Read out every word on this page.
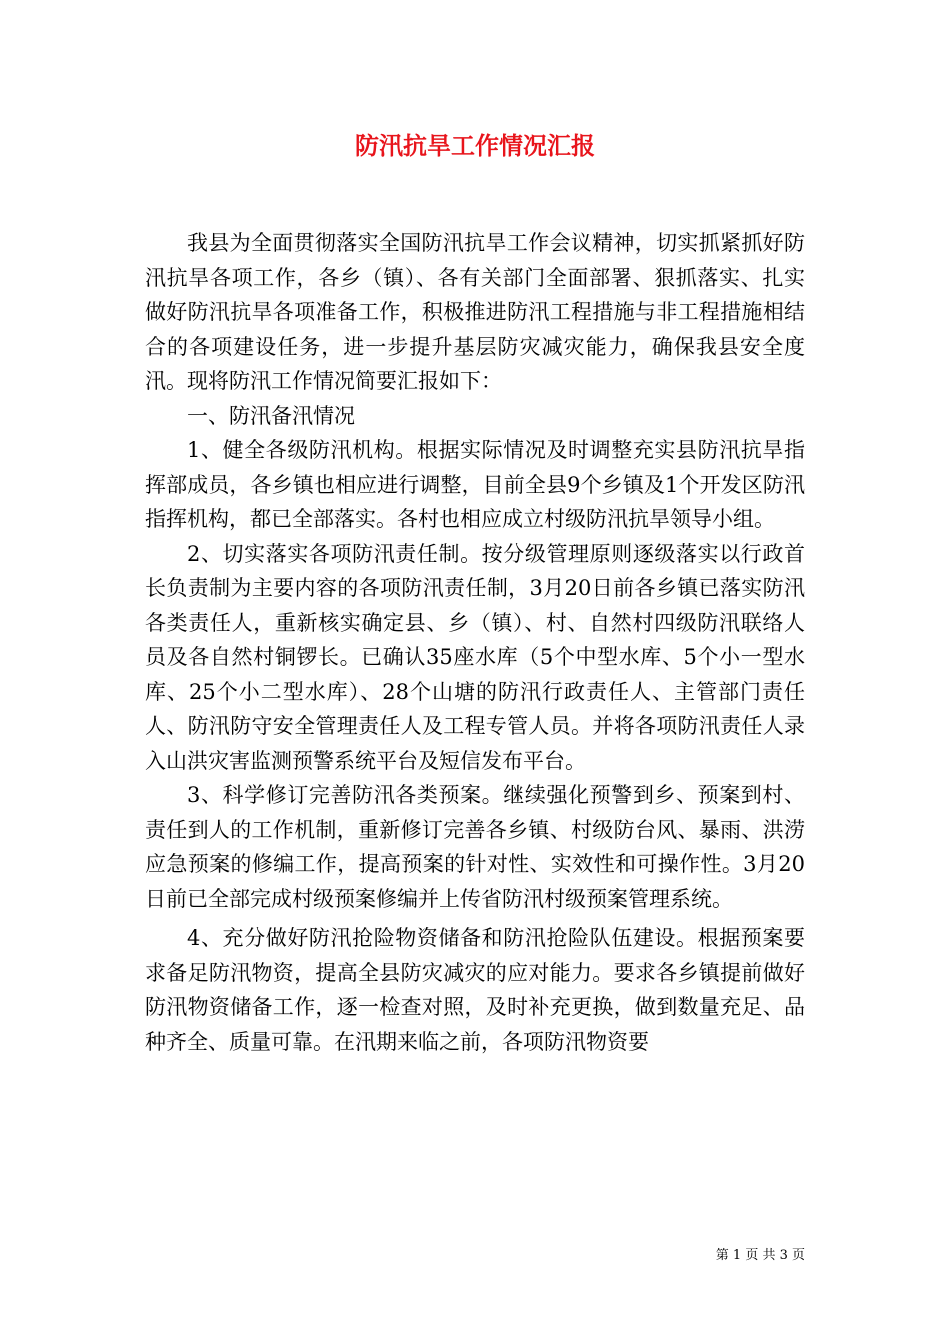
防汛抗旱工作情况汇报

我县为全面贯彻落实全国防汛抗旱工作会议精神，切实抓紧抓好防汛抗旱各项工作，各乡（镇）、各有关部门全面部署、狠抓落实、扎实做好防汛抗旱各项准备工作，积极推进防汛工程措施与非工程措施相结合的各项建设任务，进一步提升基层防灾减灾能力，确保我县安全度汛。现将防汛工作情况简要汇报如下：

一、防汛备汛情况

1、健全各级防汛机构。根据实际情况及时调整充实县防汛抗旱指挥部成员，各乡镇也相应进行调整，目前全县9个乡镇及1个开发区防汛指挥机构，都已全部落实。各村也相应成立村级防汛抗旱领导小组。

2、切实落实各项防汛责任制。按分级管理原则逐级落实以行政首长负责制为主要内容的各项防汛责任制，3月20日前各乡镇已落实防汛各类责任人，重新核实确定县、乡（镇）、村、自然村四级防汛联络人员及各自然村铜锣长。已确认35座水库（5个中型水库、5个小一型水库、25个小二型水库）、28个山塘的防汛行政责任人、主管部门责任人、防汛防守安全管理责任人及工程专管人员。并将各项防汛责任人录入山洪灾害监测预警系统平台及短信发布平台。

3、科学修订完善防汛各类预案。继续强化预警到乡、预案到村、责任到人的工作机制，重新修订完善各乡镇、村级防台风、暴雨、洪涝应急预案的修编工作，提高预案的针对性、实效性和可操作性。3月20日前已全部完成村级预案修编并上传省防汛村级预案管理系统。

4、充分做好防汛抢险物资储备和防汛抢险队伍建设。根据预案要求备足防汛物资，提高全县防灾减灾的应对能力。要求各乡镇提前做好防汛物资储备工作，逐一检查对照，及时补充更换，做到数量充足、品种齐全、质量可靠。在汛期来临之前，各项防汛物资要

第 1 页 共 3 页
